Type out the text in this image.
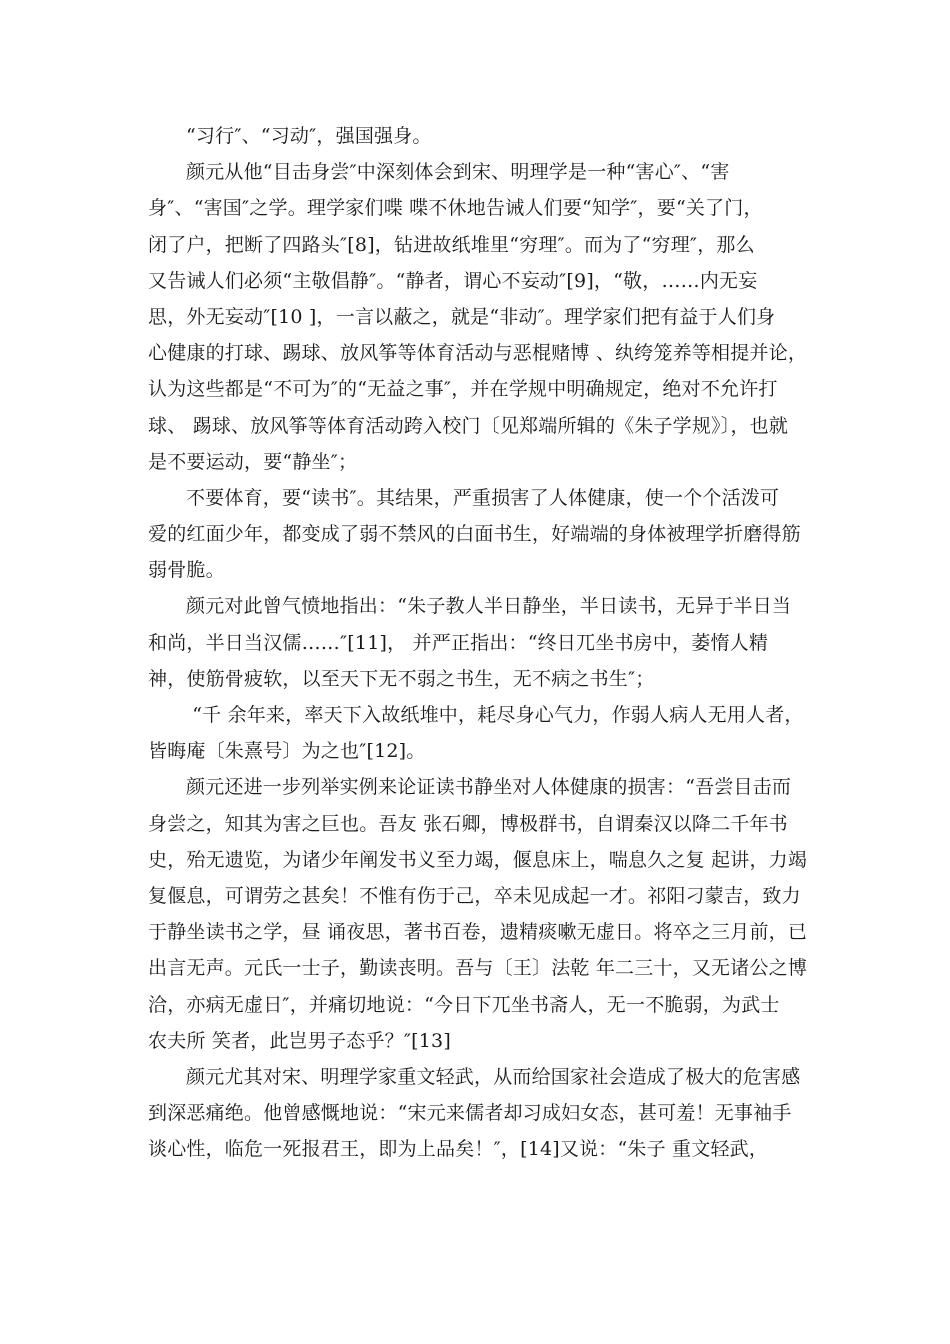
“习行″、“习动″，强国强身。
颜元从他“目击身尝″中深刻体会到宋、明理学是一种“害心″、“害
身″、“害国″之学。理学家们喋 喋不休地告诫人们要“知学″，要“关了门，
闭了户，把断了四路头″[8]，钻进故纸堆里“穷理″。而为了“穷理″，那么
又告诫人们必须“主敬倡静″。“静者，谓心不妄动″[9]，“敬，……内无妄
思，外无妄动″[10 ]，一言以蔽之，就是“非动″。理学家们把有益于人们身
心健康的打球、踢球、放风筝等体育活动与恶棍赌博 、纨绔笼养等相提并论，
认为这些都是“不可为″的“无益之事″，并在学规中明确规定，绝对不允许打
球、 踢球、放风筝等体育活动跨入校门〔见郑端所辑的《朱子学规》〕，也就
是不要运动，要“静坐″；
不要体育，要“读书″。其结果，严重损害了人体健康，使一个个活泼可
爱的红面少年，都变成了弱不禁风的白面书生，好端端的身体被理学折磨得筋
弱骨脆。
颜元对此曾气愤地指出：“朱子教人半日静坐，半日读书，无异于半日当
和尚，半日当汉儒……″[11]， 并严正指出：“终日兀坐书房中，萎惰人精
神，使筋骨疲软，以至天下无不弱之书生，无不病之书生″；
“千 余年来，率天下入故纸堆中，耗尽身心气力，作弱人病人无用人者，
皆晦庵〔朱熹号〕为之也″[12]。
颜元还进一步列举实例来论证读书静坐对人体健康的损害：“吾尝目击而
身尝之，知其为害之巨也。吾友 张石卿，博极群书，自谓秦汉以降二千年书
史，殆无遗览，为诸少年阐发书义至力竭，偃息床上，喘息久之复 起讲，力竭
复偃息，可谓劳之甚矣！不惟有伤于己，卒未见成起一才。祁阳刁蒙吉，致力
于静坐读书之学，昼 诵夜思，著书百卷，遗精痰嗽无虚日。将卒之三月前，已
出言无声。元氏一士子，勤读丧明。吾与〔王〕法乾 年二三十，又无诸公之博
洽，亦病无虚日″，并痛切地说：“今日下兀坐书斋人，无一不脆弱，为武士
农夫所 笑者，此岂男子态乎？″[13]
颜元尤其对宋、明理学家重文轻武，从而给国家社会造成了极大的危害感
到深恶痛绝。他曾感慨地说：“宋元来儒者却习成妇女态，甚可羞！无事袖手
谈心性，临危一死报君王，即为上品矣！″，[14]又说：“朱子 重文轻武，
